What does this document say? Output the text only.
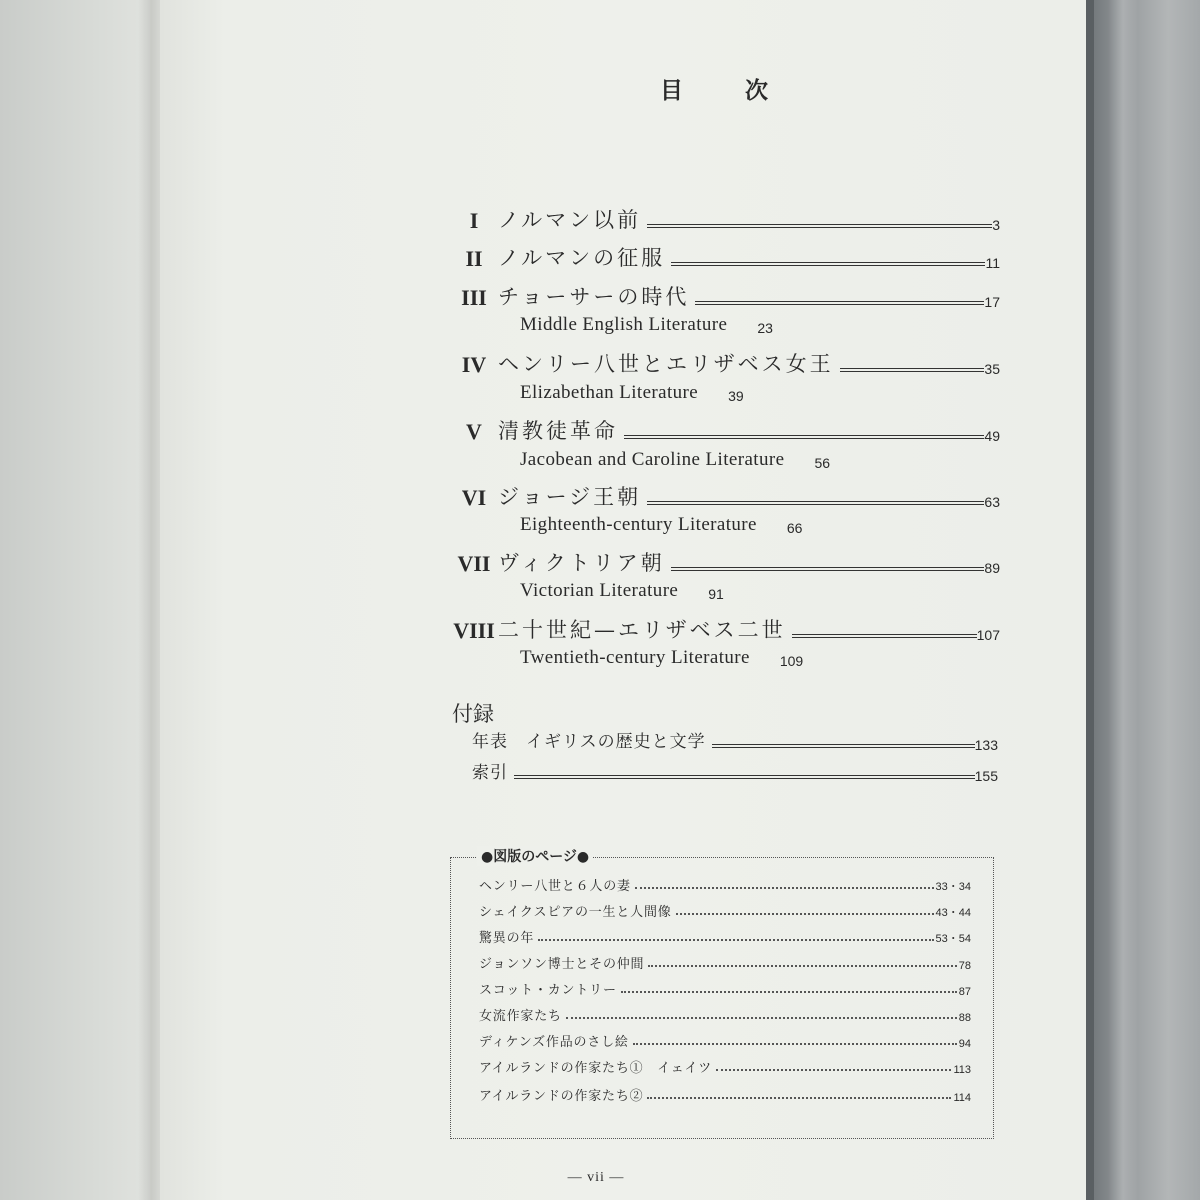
目次
I ノルマン以前	3
II ノルマンの征服	11
III チョーサーの時代	17
Middle English Literature 23
IV ヘンリー八世とエリザベス女王	35
Elizabethan Literature 39
V 清教徒革命	49
Jacobean and Caroline Literature 56
VI ジョージ王朝	63
Eighteenth-century Literature 66
VII ヴィクトリア朝	89
Victorian Literature 91
VIII 二十世紀—エリザベス二世	107
Twentieth-century Literature 109
付録
年表 イギリスの歴史と文学	133
索引	155
●図版のページ●
ヘンリー八世と６人の妻	33・34
シェイクスピアの一生と人間像	43・44
驚異の年	53・54
ジョンソン博士とその仲間	78
スコット・カントリー	87
女流作家たち	88
ディケンズ作品のさし絵	94
アイルランドの作家たち①　イェイツ	113
アイルランドの作家たち②	114
— vii —
